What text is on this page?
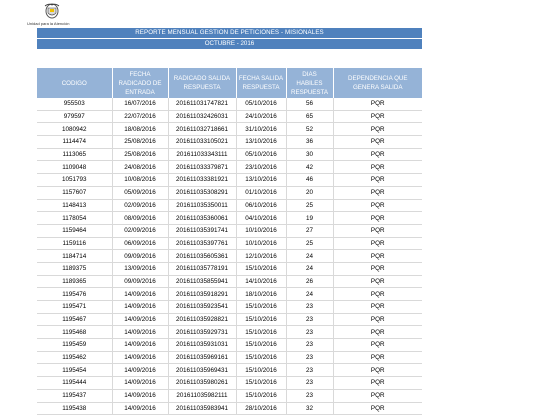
Unidad para la Atención
REPORTE MENSUAL GESTION DE PETICIONES - MISIONALES
OCTUBRE - 2016
CODIGO	FECHA RADICADO DE ENTRADA	RADICADO SALIDA RESPUESTA	FECHA SALIDA RESPUESTA	DIAS HABILES RESPUESTA	DEPENDENCIA QUE GENERA SALIDA
955503	16/07/2016	201611031747821	05/10/2016	56	PQR
979597	22/07/2016	201611032426031	24/10/2016	65	PQR
1080942	18/08/2016	201611032718661	31/10/2016	52	PQR
1114474	25/08/2016	201611033105021	13/10/2016	36	PQR
1113065	25/08/2016	201611033343111	05/10/2016	30	PQR
1109048	24/08/2016	201611033379871	23/10/2016	42	PQR
1051793	10/08/2016	201611033381921	13/10/2016	46	PQR
1157607	05/09/2016	201611035308291	01/10/2016	20	PQR
1148413	02/09/2016	201611035350011	06/10/2016	25	PQR
1178054	08/09/2016	201611035360061	04/10/2016	19	PQR
1159464	02/09/2016	201611035391741	10/10/2016	27	PQR
1159116	06/09/2016	201611035397761	10/10/2016	25	PQR
1184714	09/09/2016	201611035605361	12/10/2016	24	PQR
1189375	13/09/2016	201611035778191	15/10/2016	24	PQR
1189365	09/09/2016	201611035855941	14/10/2016	26	PQR
1195476	14/09/2016	201611035918291	18/10/2016	24	PQR
1195471	14/09/2016	201611035923541	15/10/2016	23	PQR
1195467	14/09/2016	201611035928821	15/10/2016	23	PQR
1195468	14/09/2016	201611035929731	15/10/2016	23	PQR
1195459	14/09/2016	201611035931031	15/10/2016	23	PQR
1195462	14/09/2016	201611035969161	15/10/2016	23	PQR
1195454	14/09/2016	201611035969431	15/10/2016	23	PQR
1195444	14/09/2016	201611035980261	15/10/2016	23	PQR
1195437	14/09/2016	201611035982111	15/10/2016	23	PQR
1195438	14/09/2016	201611035983941	28/10/2016	32	PQR
